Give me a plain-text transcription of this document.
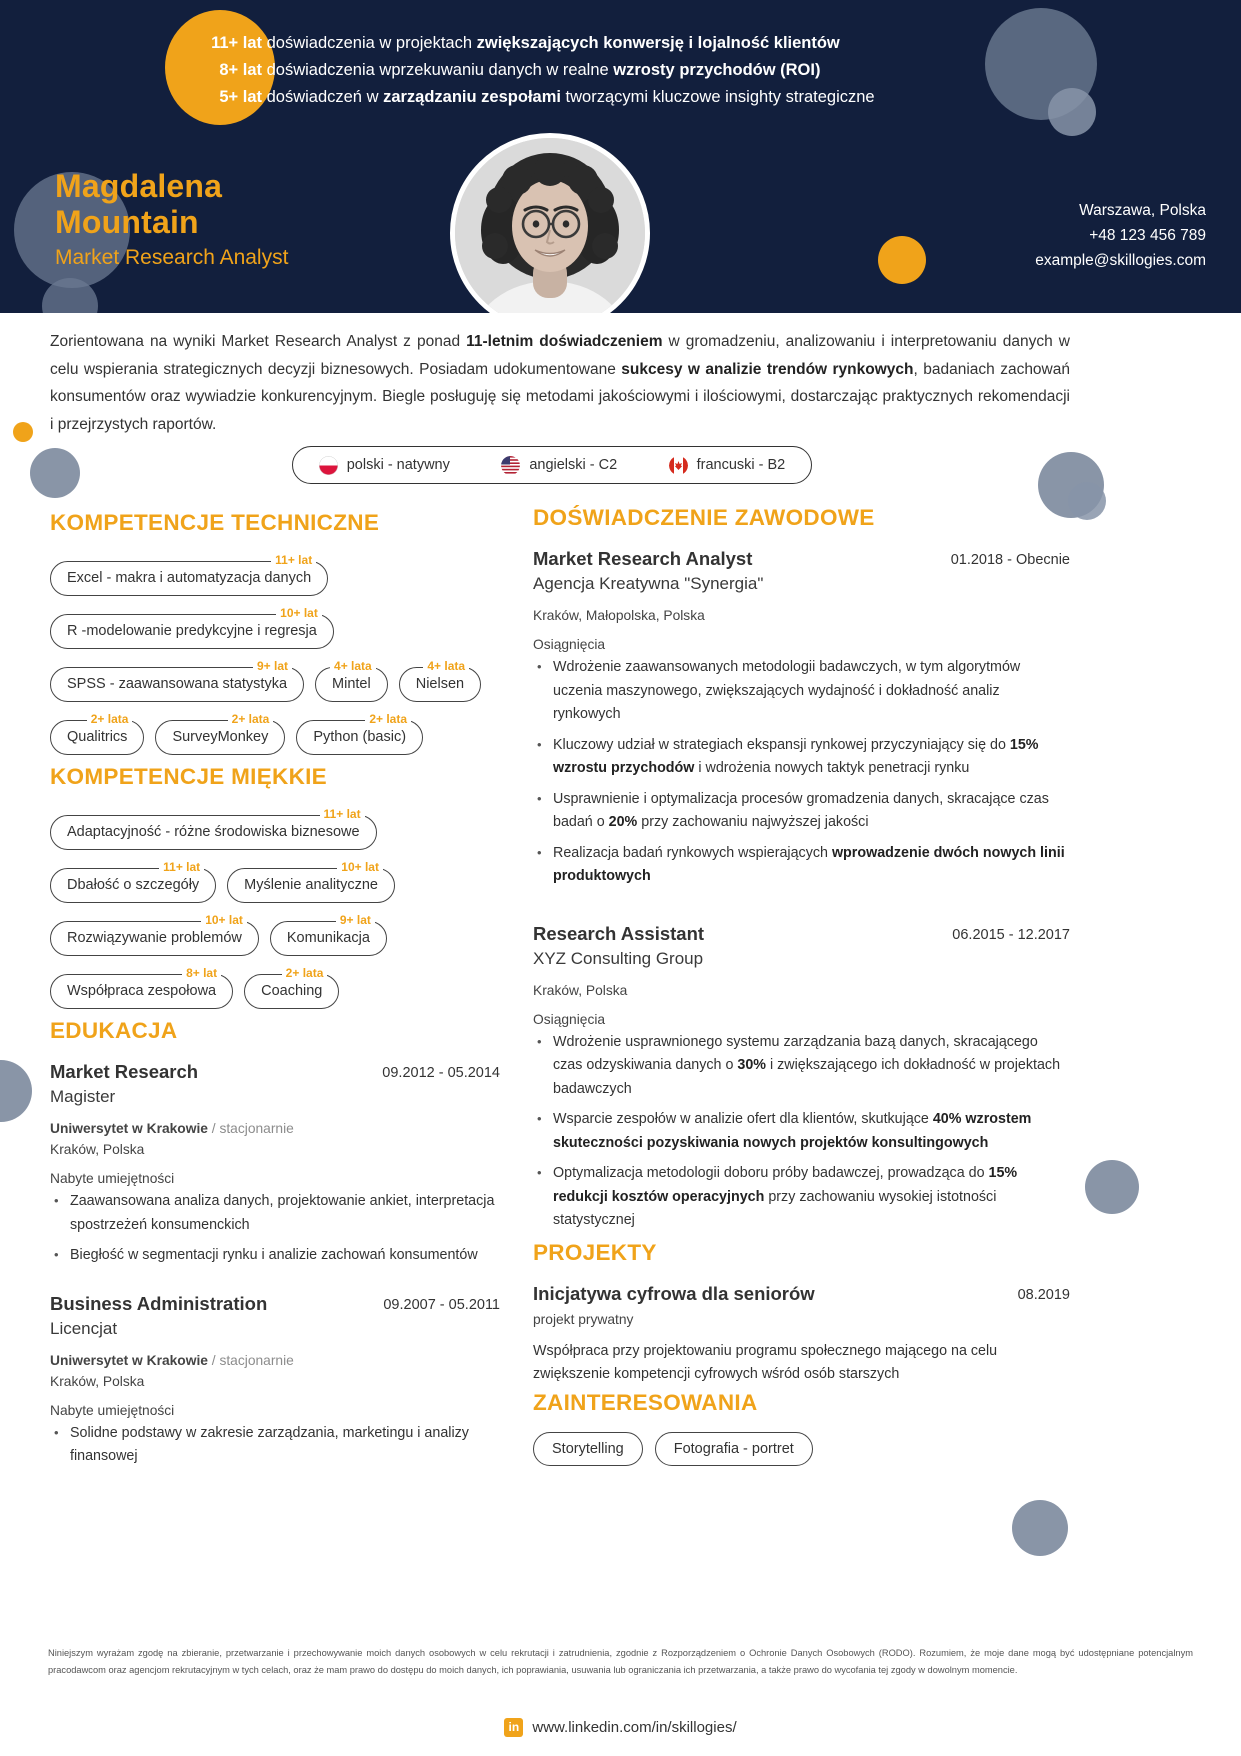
11+ lat doświadczenia w projektach zwiększających konwersję i lojalność klientów
8+ lat doświadczenia wprzekuwaniu danych w realne wzrosty przychodów (ROI)
5+ lat doświadczeń w zarządzaniu zespołami tworzącymi kluczowe insighty strategiczne
Magdalena
Mountain
Market Research Analyst
Warszawa, Polska
+48 123 456 789
example@skillogies.com
Zorientowana na wyniki Market Research Analyst z ponad 11-letnim doświadczeniem w gromadzeniu, analizowaniu i interpretowaniu danych w celu wspierania strategicznych decyzji biznesowych. Posiadam udokumentowane sukcesy w analizie trendów rynkowych, badaniach zachowań konsumentów oraz wywiadzie konkurencyjnym. Biegle posługuję się metodami jakościowymi i ilościowymi, dostarczając praktycznych rekomendacji i przejrzystych raportów.
polski - natywny	angielski - C2	francuski - B2
KOMPETENCJE TECHNICZNE
Excel - makra i automatyzacja danych
11+ lat
R -modelowanie predykcyjne i regresja
10+ lat
SPSS - zaawansowana statystyka
9+ lat
Mintel
4+ lata
Nielsen
4+ lata
Qualitrics
2+ lata
SurveyMonkey
2+ lata
Python (basic)
2+ lata
KOMPETENCJE MIĘKKIE
Adaptacyjność - różne środowiska biznesowe
11+ lat
Dbałość o szczegóły
11+ lat
Myślenie analityczne
10+ lat
Rozwiązywanie problemów
10+ lat
Komunikacja
9+ lat
Współpraca zespołowa
8+ lat
Coaching
2+ lata
EDUKACJA
Market Research
Magister
09.2012 - 05.2014
Uniwersytet w Krakowie / stacjonarnie
Kraków, Polska
Nabyte umiejętności
• Zaawansowana analiza danych, projektowanie ankiet, interpretacja spostrzeżeń konsumenckich
• Biegłość w segmentacji rynku i analizie zachowań konsumentów
Business Administration
Licencjat
09.2007 - 05.2011
Uniwersytet w Krakowie / stacjonarnie
Kraków, Polska
Nabyte umiejętności
• Solidne podstawy w zakresie zarządzania, marketingu i analizy finansowej
DOŚWIADCZENIE ZAWODOWE
Market Research Analyst
Agencja Kreatywna "Synergia"
01.2018 - Obecnie
Kraków, Małopolska, Polska
Osiągnięcia
• Wdrożenie zaawansowanych metodologii badawczych, w tym algorytmów uczenia maszynowego, zwiększających wydajność i dokładność analiz rynkowych
• Kluczowy udział w strategiach ekspansji rynkowej przyczyniający się do 15% wzrostu przychodów i wdrożenia nowych taktyk penetracji rynku
• Usprawnienie i optymalizacja procesów gromadzenia danych, skracające czas badań o 20% przy zachowaniu najwyższej jakości
• Realizacja badań rynkowych wspierających wprowadzenie dwóch nowych linii produktowych
Research Assistant
XYZ Consulting Group
06.2015 - 12.2017
Kraków, Polska
Osiągnięcia
• Wdrożenie usprawnionego systemu zarządzania bazą danych, skracającego czas odzyskiwania danych o 30% i zwiększającego ich dokładność w projektach badawczych
• Wsparcie zespołów w analizie ofert dla klientów, skutkujące 40% wzrostem skuteczności pozyskiwania nowych projektów konsultingowych
• Optymalizacja metodologii doboru próby badawczej, prowadząca do 15% redukcji kosztów operacyjnych przy zachowaniu wysokiej istotności statystycznej
PROJEKTY
Inicjatywa cyfrowa dla seniorów
projekt prywatny
08.2019
Współpraca przy projektowaniu programu społecznego mającego na celu zwiększenie kompetencji cyfrowych wśród osób starszych
ZAINTERESOWANIA
Storytelling	Fotografia - portret
Niniejszym wyrażam zgodę na zbieranie, przetwarzanie i przechowywanie moich danych osobowych w celu rekrutacji i zatrudnienia, zgodnie z Rozporządzeniem o Ochronie Danych Osobowych (RODO). Rozumiem, że moje dane mogą być udostępniane potencjalnym pracodawcom oraz agencjom rekrutacyjnym w tych celach, oraz że mam prawo do dostępu do moich danych, ich poprawiania, usuwania lub ograniczania ich przetwarzania, a także prawo do wycofania tej zgody w dowolnym momencie.
in www.linkedin.com/in/skillogies/
